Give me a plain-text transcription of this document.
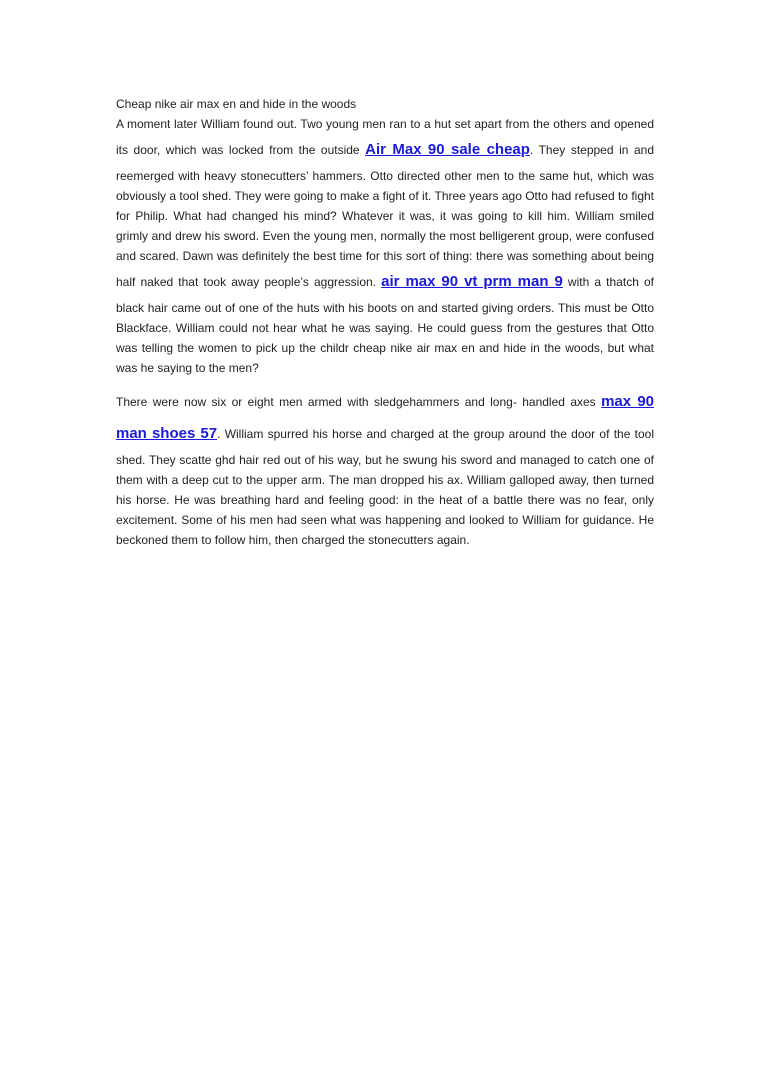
Cheap nike air max en and hide in the woods

A moment later William found out. Two young men ran to a hut set apart from the others and opened its door, which was locked from the outside Air Max 90 sale cheap. They stepped in and reemerged with heavy stonecutters’ hammers. Otto directed other men to the same hut, which was obviously a tool shed. They were going to make a fight of it. Three years ago Otto had refused to fight for Philip. What had changed his mind? Whatever it was, it was going to kill him. William smiled grimly and drew his sword. Even the young men, normally the most belligerent group, were confused and scared. Dawn was definitely the best time for this sort of thing: there was something about being half naked that took away people’s aggression. air max 90 vt prm man 9 with a thatch of black hair came out of one of the huts with his boots on and started giving orders. This must be Otto Blackface. William could not hear what he was saying. He could guess from the gestures that Otto was telling the women to pick up the childr cheap nike air max en and hide in the woods, but what was he saying to the men?

There were now six or eight men armed with sledgehammers and long- handled axes max 90 man shoes 57. William spurred his horse and charged at the group around the door of the tool shed. They scatte ghd hair red out of his way, but he swung his sword and managed to catch one of them with a deep cut to the upper arm. The man dropped his ax. William galloped away, then turned his horse. He was breathing hard and feeling good: in the heat of a battle there was no fear, only excitement. Some of his men had seen what was happening and looked to William for guidance. He beckoned them to follow him, then charged the stonecutters again.
